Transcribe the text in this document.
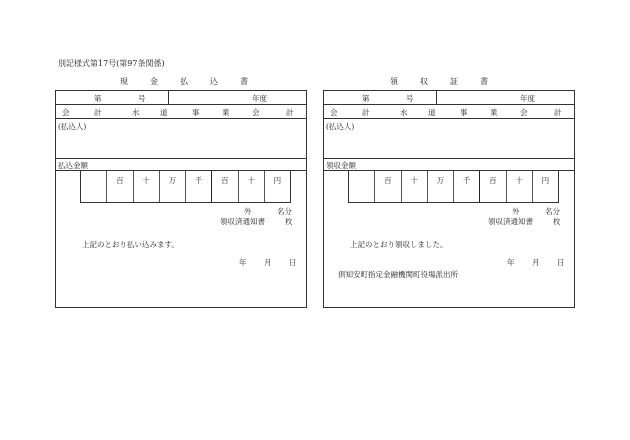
別記様式第17号(第97条関係)
現金払込書
第	号	年度
会	計	水	道	事	業	会	計
(払込人)
払込金額
百	十	万	千	百	十	円
外	名分
領収済通知書	枚
上記のとおり払い込みます。
年 月 日
領収証書
第	号	年度
会	計	水	道	事	業	会	計
(払込人)
領収金額
百	十	万	千	百	十	円
外	名分
領収済通知書	枚
上記のとおり領収しました。
年 月 日
倶知安町指定金融機関町役場派出所
